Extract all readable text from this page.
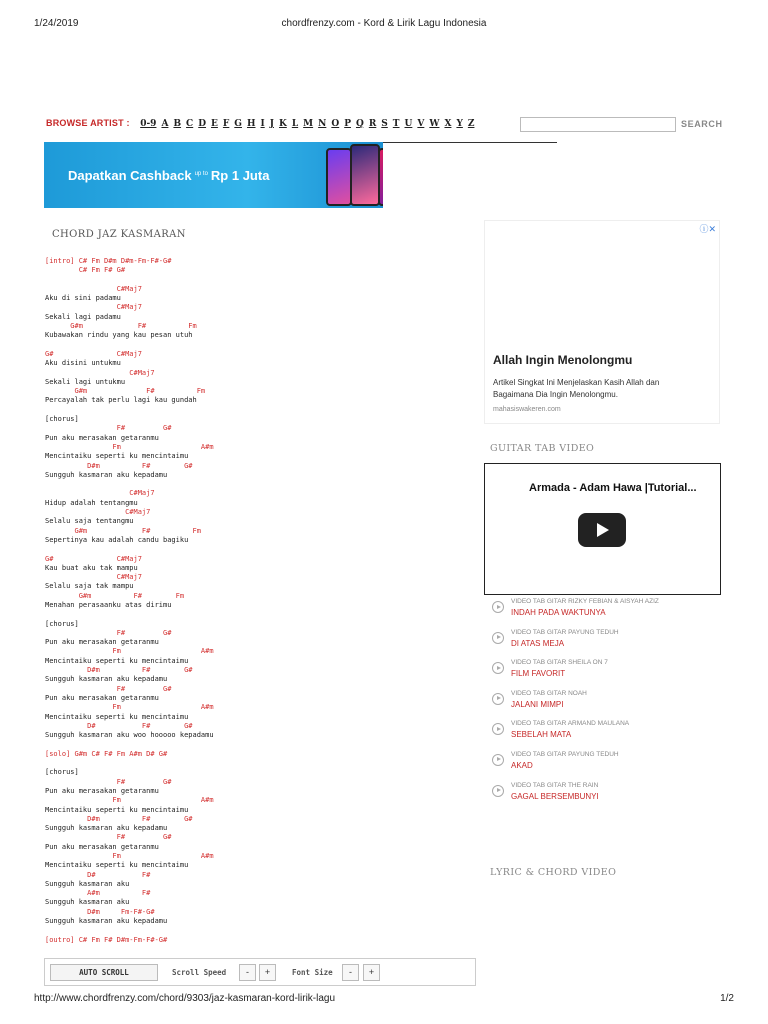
1/24/2019	chordfrenzy.com - Kord & Lirik Lagu Indonesia
BROWSE ARTIST : 0-9 A B C D E F G H I J K L M N O P Q R S T U V W X Y Z	SEARCH
Dapatkan Cashback $^{up to}$ Rp 1 Juta
CHORD JAZ KASMARAN
[intro] C# Fm D#m D#m-Fm-F#-G#
C# Fm F# G#
C#Maj7
Aku di sini padamu
C#Maj7
Sekali lagi padamu
G#m             F#          Fm
Kubawakan rindu yang kau pesan utuh
G#               C#Maj7
Aku disini untukmu
C#Maj7
Sekali lagi untukmu
G#m              F#          Fm
Percayalah tak perlu lagi kau gundah
[chorus]
F#         G#
Pun aku merasakan getaranmu
Fm                   A#m
Mencintaiku seperti ku mencintaimu
D#m          F#        G#
Sungguh kasmaran aku kepadamu
C#Maj7
Hidup adalah tentangmu
C#Maj7
Selalu saja tentangmu
G#m             F#          Fm
Sepertinya kau adalah candu bagiku
G#               C#Maj7
Kau buat aku tak mampu
C#Maj7
Selalu saja tak mampu
G#m          F#        Fm
Menahan perasaanku atas dirimu
[chorus]
F#         G#
Pun aku merasakan getaranmu
Fm                   A#m
Mencintaiku seperti ku mencintaimu
D#m          F#        G#
Sungguh kasmaran aku kepadamu
F#         G#
Pun aku merasakan getaranmu
Fm                   A#m
Mencintaiku seperti ku mencintaimu
D#           F#        G#
Sungguh kasmaran aku woo hooooo kepadamu
[solo] G#m C# F# Fm A#m D# G#
[chorus]
F#         G#
Pun aku merasakan getaranmu
Fm                   A#m
Mencintaiku seperti ku mencintaimu
D#m          F#        G#
Sungguh kasmaran aku kepadamu
F#         G#
Pun aku merasakan getaranmu
Fm                   A#m
Mencintaiku seperti ku mencintaimu
D#           F#
Sungguh kasmaran aku
A#m          F#
Sungguh kasmaran aku
D#m     Fm-F#-G#
Sungguh kasmaran aku kepadamu
[outro] C# Fm F# D#m-Fm-F#-G#
ⓘ✕
Allah Ingin Menolongmu
Artikel Singkat Ini Menjelaskan Kasih Allah dan Bagaimana Dia Ingin Menolongmu.
mahasiswakeren.com
GUITAR TAB VIDEO
Armada - Adam Hawa |Tutorial...
VIDEO TAB GITAR RIZKY FEBIAN & AISYAH AZIZ
INDAH PADA WAKTUNYA
VIDEO TAB GITAR PAYUNG TEDUH
DI ATAS MEJA
VIDEO TAB GITAR SHEILA ON 7
FILM FAVORIT
VIDEO TAB GITAR NOAH
JALANI MIMPI
VIDEO TAB GITAR ARMAND MAULANA
SEBELAH MATA
VIDEO TAB GITAR PAYUNG TEDUH
AKAD
VIDEO TAB GITAR THE RAIN
GAGAL BERSEMBUNYI
LYRIC & CHORD VIDEO
AUTO SCROLL	Scroll Speed	-	+	Font Size	-	+
http://www.chordfrenzy.com/chord/9303/jaz-kasmaran-kord-lirik-lagu	1/2
